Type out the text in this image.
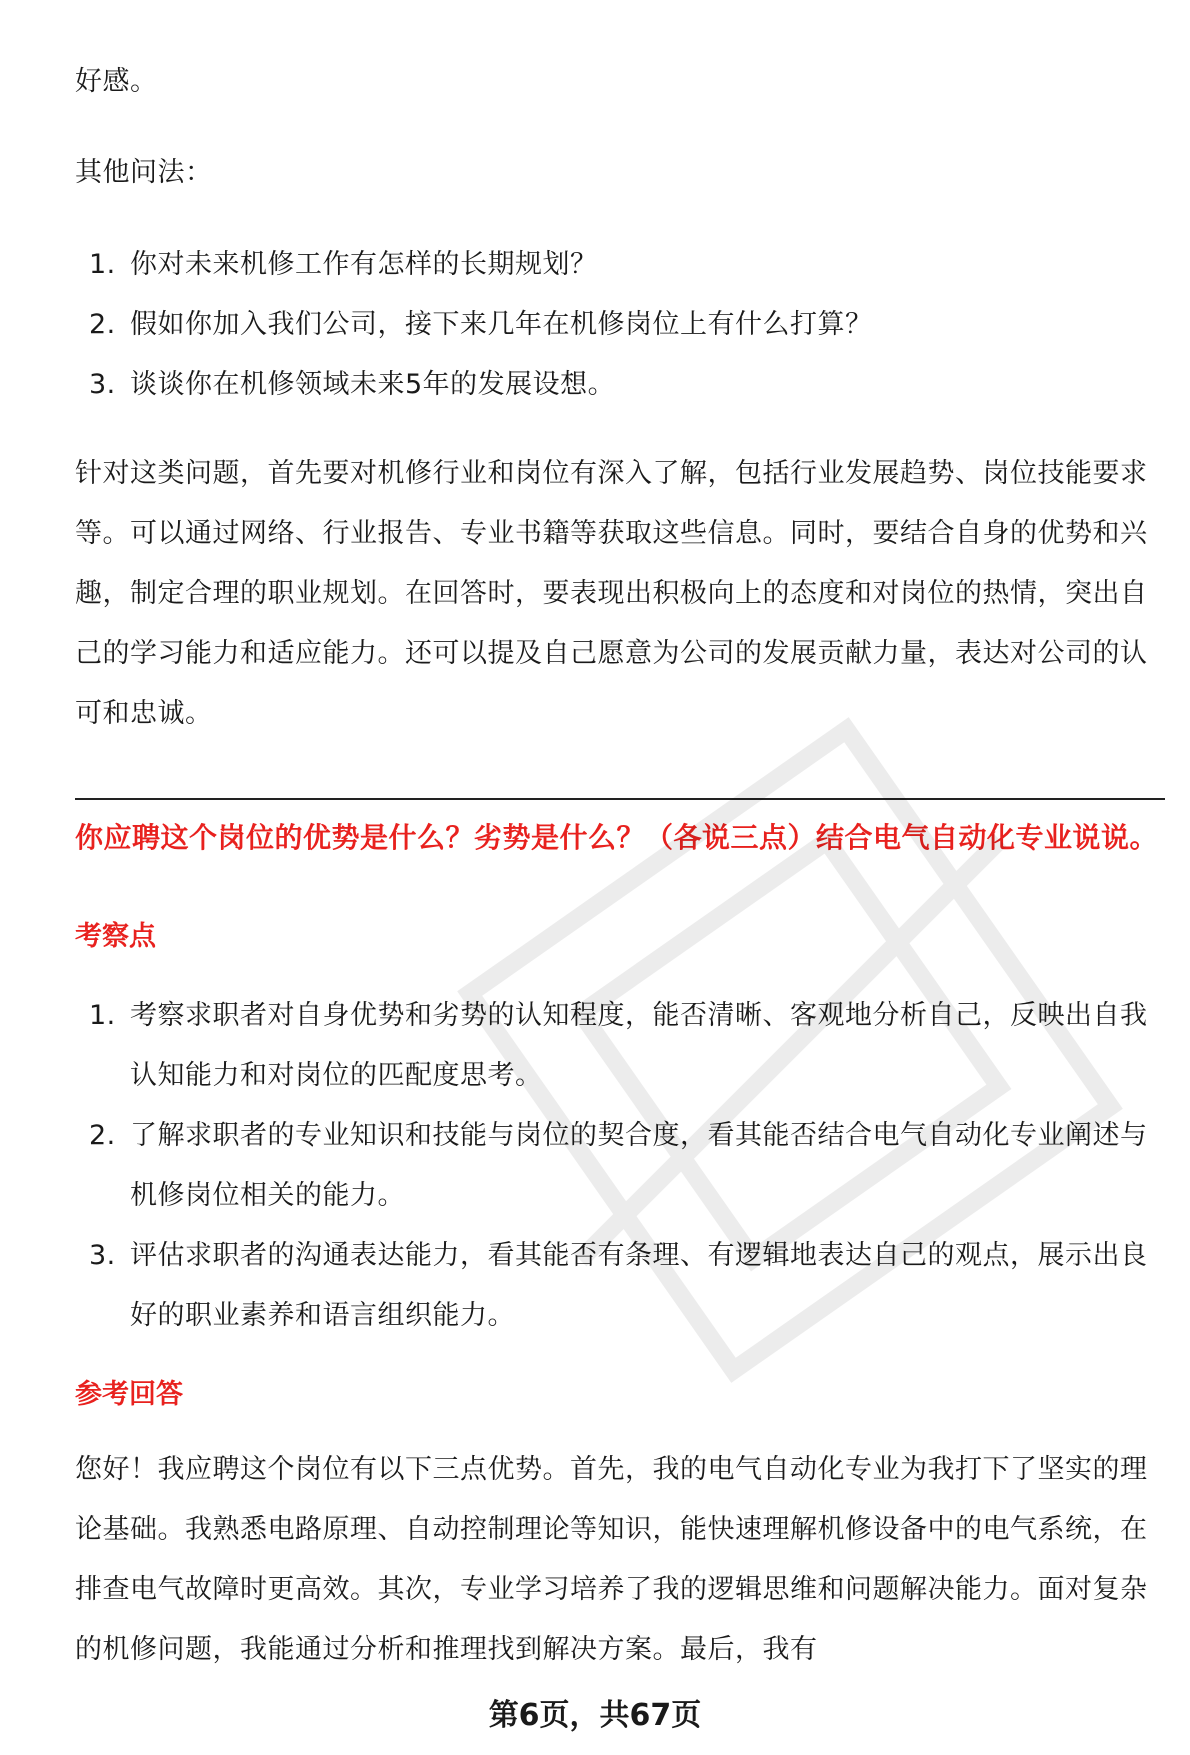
好感。

其他问法：

1. 你对未来机修工作有怎样的长期规划？
2. 假如你加入我们公司，接下来几年在机修岗位上有什么打算？
3. 谈谈你在机修领域未来5年的发展设想。

针对这类问题，首先要对机修行业和岗位有深入了解，包括行业发展趋势、岗位技能要求等。可以通过网络、行业报告、专业书籍等获取这些信息。同时，要结合自身的优势和兴趣，制定合理的职业规划。在回答时，要表现出积极向上的态度和对岗位的热情，突出自己的学习能力和适应能力。还可以提及自己愿意为公司的发展贡献力量，表达对公司的认可和忠诚。

你应聘这个岗位的优势是什么？劣势是什么？（各说三点）结合电气自动化专业说说。

考察点

1. 考察求职者对自身优势和劣势的认知程度，能否清晰、客观地分析自己，反映出自我认知能力和对岗位的匹配度思考。
2. 了解求职者的专业知识和技能与岗位的契合度，看其能否结合电气自动化专业阐述与机修岗位相关的能力。
3. 评估求职者的沟通表达能力，看其能否有条理、有逻辑地表达自己的观点，展示出良好的职业素养和语言组织能力。

参考回答

您好！我应聘这个岗位有以下三点优势。首先，我的电气自动化专业为我打下了坚实的理论基础。我熟悉电路原理、自动控制理论等知识，能快速理解机修设备中的电气系统，在排查电气故障时更高效。其次，专业学习培养了我的逻辑思维和问题解决能力。面对复杂的机修问题，我能通过分析和推理找到解决方案。最后，我有

第6页，共67页
